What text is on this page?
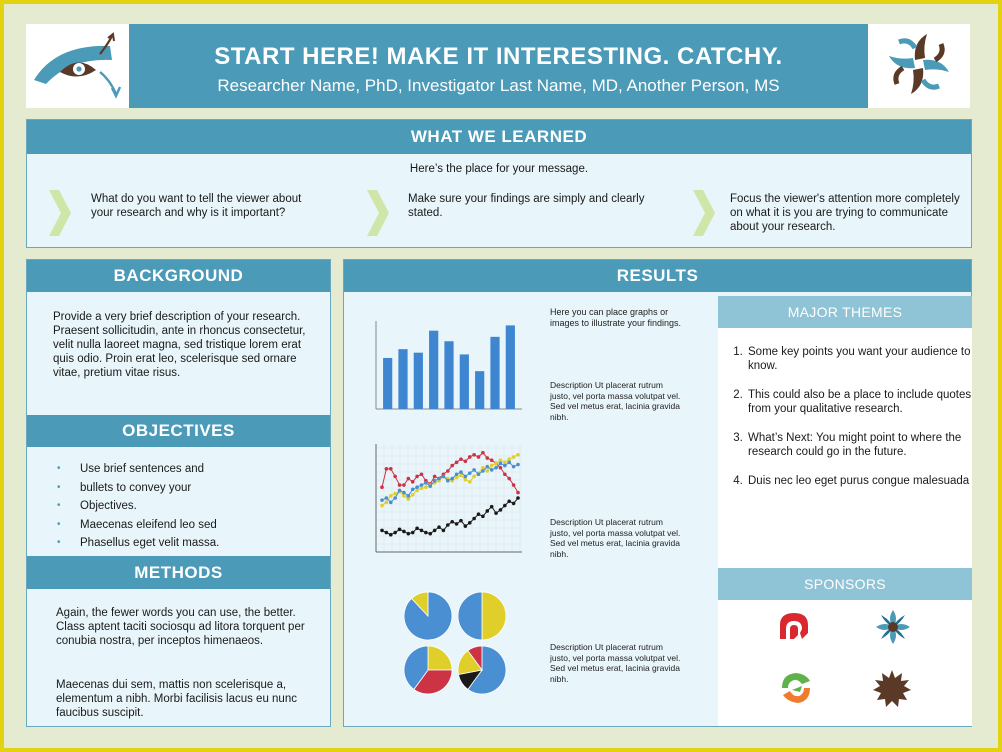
START HERE! MAKE IT INTERESTING. CATCHY.
Researcher Name, PhD, Investigator Last Name, MD, Another Person, MS
WHAT WE LEARNED
Here’s the place for your message.
What do you want to tell the viewer about your research and why is it important?
Make sure your findings are simply and clearly stated.
Focus the viewer's attention more completely on what it is you are trying to communicate about your research.
BACKGROUND
Provide a very brief description of your research. Praesent sollicitudin, ante in rhoncus consectetur, velit nulla laoreet magna, sed tristique lorem erat quis odio. Proin erat leo, scelerisque sed ornare vitae, pretium vitae risus.
OBJECTIVES
• Use brief sentences and
• bullets to convey your
• Objectives.
• Maecenas eleifend leo sed
• Phasellus eget velit massa.
METHODS
Again, the fewer words you can use, the better. Class aptent taciti sociosqu ad litora torquent per conubia nostra, per inceptos himenaeos.
Maecenas dui sem, mattis non scelerisque a, elementum a nibh. Morbi facilisis lacus eu nunc faucibus suscipit.
RESULTS
Here you can place graphs or images to illustrate your findings.
Description Ut placerat rutrum justo, vel porta massa volutpat vel. Sed vel metus erat, lacinia gravida nibh.
Description Ut placerat rutrum justo, vel porta massa volutpat vel. Sed vel metus erat, lacinia gravida nibh.
Description Ut placerat rutrum justo, vel porta massa volutpat vel. Sed vel metus erat, lacinia gravida nibh.
MAJOR THEMES
1. Some key points you want your audience to know.
2. This could also be a place to include quotes from your qualitative research.
3. What’s Next: You might point to where the research could go in the future.
4. Duis nec leo eget purus congue malesuada
SPONSORS
